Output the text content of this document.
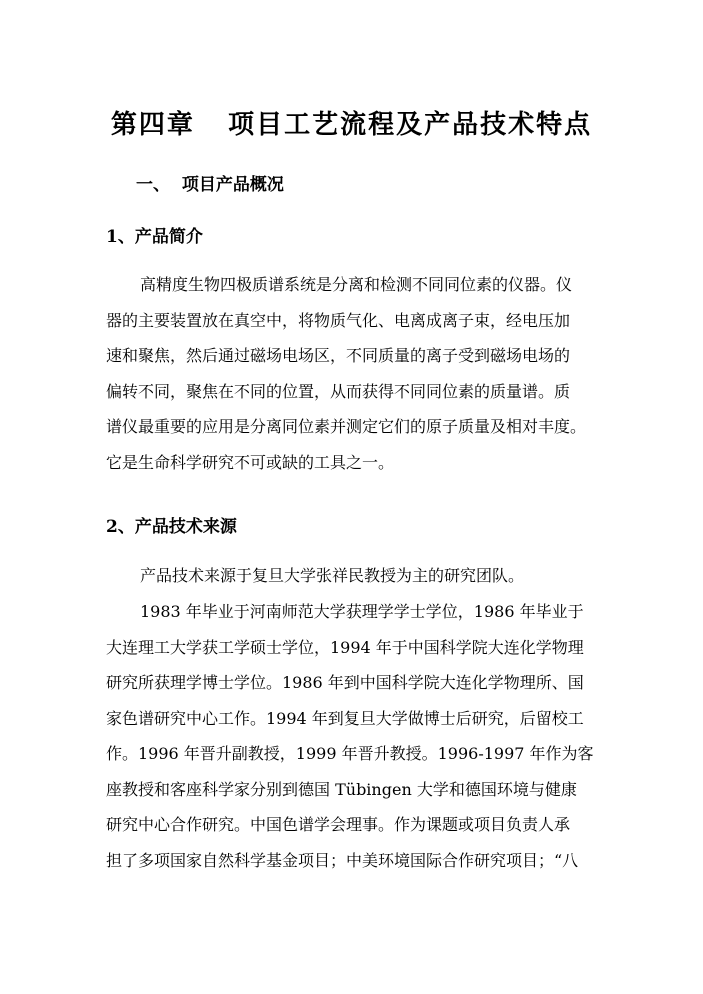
第四章   项目工艺流程及产品技术特点
一、  项目产品概况
1、产品简介
高精度生物四极质谱系统是分离和检测不同同位素的仪器。仪
器的主要装置放在真空中，将物质气化、电离成离子束，经电压加
速和聚焦，然后通过磁场电场区，不同质量的离子受到磁场电场的
偏转不同，聚焦在不同的位置，从而获得不同同位素的质量谱。质
谱仪最重要的应用是分离同位素并测定它们的原子质量及相对丰度。
它是生命科学研究不可或缺的工具之一。
2、产品技术来源
产品技术来源于复旦大学张祥民教授为主的研究团队。
1983 年毕业于河南师范大学获理学学士学位，1986 年毕业于
大连理工大学获工学硕士学位，1994 年于中国科学院大连化学物理
研究所获理学博士学位。1986 年到中国科学院大连化学物理所、国
家色谱研究中心工作。1994 年到复旦大学做博士后研究，后留校工
作。1996 年晋升副教授，1999 年晋升教授。1996-1997 年作为客
座教授和客座科学家分别到德国 Tübingen 大学和德国环境与健康
研究中心合作研究。中国色谱学会理事。作为课题或项目负责人承
担了多项国家自然科学基金项目；中美环境国际合作研究项目；“八
